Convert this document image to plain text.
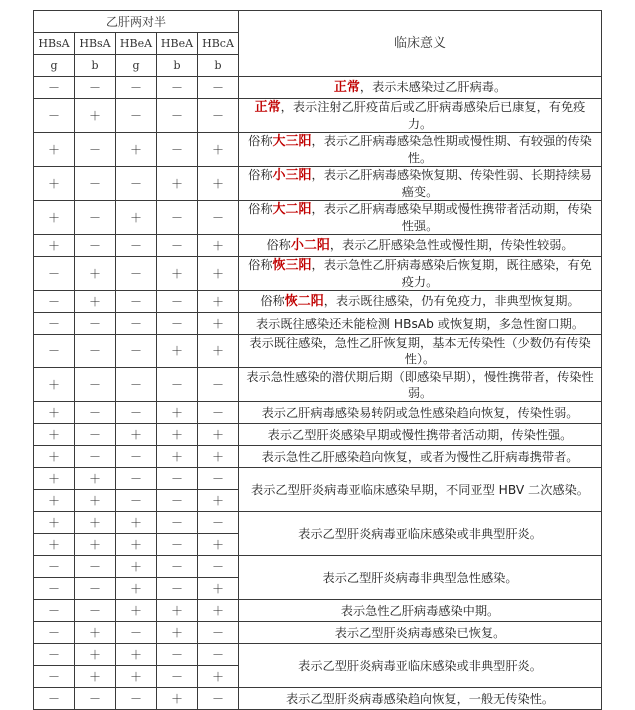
乙肝两对半					临床意义
HBsA	HBsA	HBeA	HBeA	HBcA	
g	b	g	b	b	
－	－	－	－	－	正常，表示未感染过乙肝病毒。
－	＋	－	－	－	正常，表示注射乙肝疫苗后或乙肝病毒感染后已康复，有免疫力。
＋	－	＋	－	＋	俗称大三阳，表示乙肝病毒感染急性期或慢性期、有较强的传染性。
＋	－	－	＋	＋	俗称小三阳，表示乙肝病毒感染恢复期、传染性弱、长期持续易癌变。
＋	－	＋	－	－	俗称大二阳，表示乙肝病毒感染早期或慢性携带者活动期，传染性强。
＋	－	－	－	＋	俗称小二阳，表示乙肝感染急性或慢性期，传染性较弱。
－	＋	－	＋	＋	俗称恢三阳，表示急性乙肝病毒感染后恢复期，既往感染，有免疫力。
－	＋	－	－	＋	俗称恢二阳，表示既往感染，仍有免疫力，非典型恢复期。
－	－	－	－	＋	表示既往感染还未能检测 HBsAb 或恢复期，多急性窗口期。
－	－	－	＋	＋	表示既往感染，急性乙肝恢复期，基本无传染性（少数仍有传染性）。
＋	－	－	－	－	表示急性感染的潜伏期后期（即感染早期），慢性携带者，传染性弱。
＋	－	－	＋	－	表示乙肝病毒感染易转阴或急性感染趋向恢复，传染性弱。
＋	－	＋	＋	＋	表示乙型肝炎感染早期或慢性携带者活动期，传染性强。
＋	－	－	＋	＋	表示急性乙肝感染趋向恢复，或者为慢性乙肝病毒携带者。
＋	＋	－	－	－	表示乙型肝炎病毒亚临床感染早期，不同亚型 HBV 二次感染。
＋	＋	－	－	＋	
＋	＋	＋	－	－	表示乙型肝炎病毒亚临床感染或非典型肝炎。
＋	＋	＋	－	＋	
－	－	＋	－	－	表示乙型肝炎病毒非典型急性感染。
－	－	＋	－	＋	
－	－	＋	＋	＋	表示急性乙肝病毒感染中期。
－	＋	－	＋	－	表示乙型肝炎病毒感染已恢复。
－	＋	＋	－	－	表示乙型肝炎病毒亚临床感染或非典型肝炎。
－	＋	＋	－	＋	
－	－	－	＋	－	表示乙型肝炎病毒感染趋向恢复，一般无传染性。
